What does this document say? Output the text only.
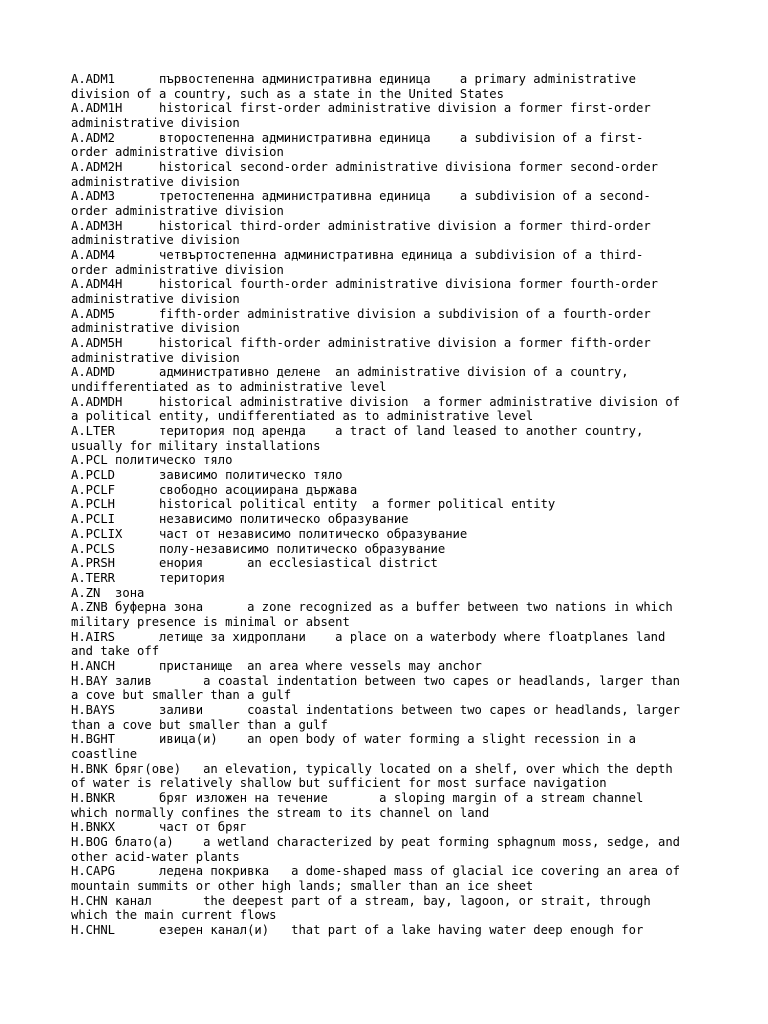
A.ADM1      първостепенна административна единица    a primary administrative
division of a country, such as a state in the United States
A.ADM1H     historical first-order administrative division a former first-order
administrative division
A.ADM2      второстепенна административна единица    a subdivision of a first-
order administrative division
A.ADM2H     historical second-order administrative divisiona former second-order
administrative division
A.ADM3      третостепенна административна единица    a subdivision of a second-
order administrative division
A.ADM3H     historical third-order administrative division a former third-order
administrative division
A.ADM4      четвъртостепенна административна единица a subdivision of a third-
order administrative division
A.ADM4H     historical fourth-order administrative divisiona former fourth-order
administrative division
A.ADM5      fifth-order administrative division a subdivision of a fourth-order
administrative division
A.ADM5H     historical fifth-order administrative division a former fifth-order
administrative division
A.ADMD      административно делене  an administrative division of a country,
undifferentiated as to administrative level
A.ADMDH     historical administrative division  a former administrative division of
a political entity, undifferentiated as to administrative level
A.LTER      територия под аренда    a tract of land leased to another country,
usually for military installations
A.PCL политическо тяло
A.PCLD      зависимо политическо тяло
A.PCLF      свободно асоциирана държава
A.PCLH      historical political entity  a former political entity
A.PCLI      независимо политическо образувание
A.PCLIX     част от независимо политическо образувание
A.PCLS      полу-независимо политическо образувание
A.PRSH      енория      an ecclesiastical district
A.TERR      територия
A.ZN  зона
A.ZNB буферна зона      a zone recognized as a buffer between two nations in which
military presence is minimal or absent
H.AIRS      летище за хидроплани    a place on a waterbody where floatplanes land
and take off
H.ANCH      пристанище  an area where vessels may anchor
H.BAY залив       a coastal indentation between two capes or headlands, larger than
a cove but smaller than a gulf
H.BAYS      заливи      coastal indentations between two capes or headlands, larger
than a cove but smaller than a gulf
H.BGHT      ивица(и)    an open body of water forming a slight recession in a
coastline
H.BNK бряг(ове)   an elevation, typically located on a shelf, over which the depth
of water is relatively shallow but sufficient for most surface navigation
H.BNKR      бряг изложен на течение       a sloping margin of a stream channel
which normally confines the stream to its channel on land
H.BNKX      част от бряг
H.BOG блато(а)    a wetland characterized by peat forming sphagnum moss, sedge, and
other acid-water plants
H.CAPG      ледена покривка   a dome-shaped mass of glacial ice covering an area of
mountain summits or other high lands; smaller than an ice sheet
H.CHN канал       the deepest part of a stream, bay, lagoon, or strait, through
which the main current flows
H.CHNL      езерен канал(и)   that part of a lake having water deep enough for
